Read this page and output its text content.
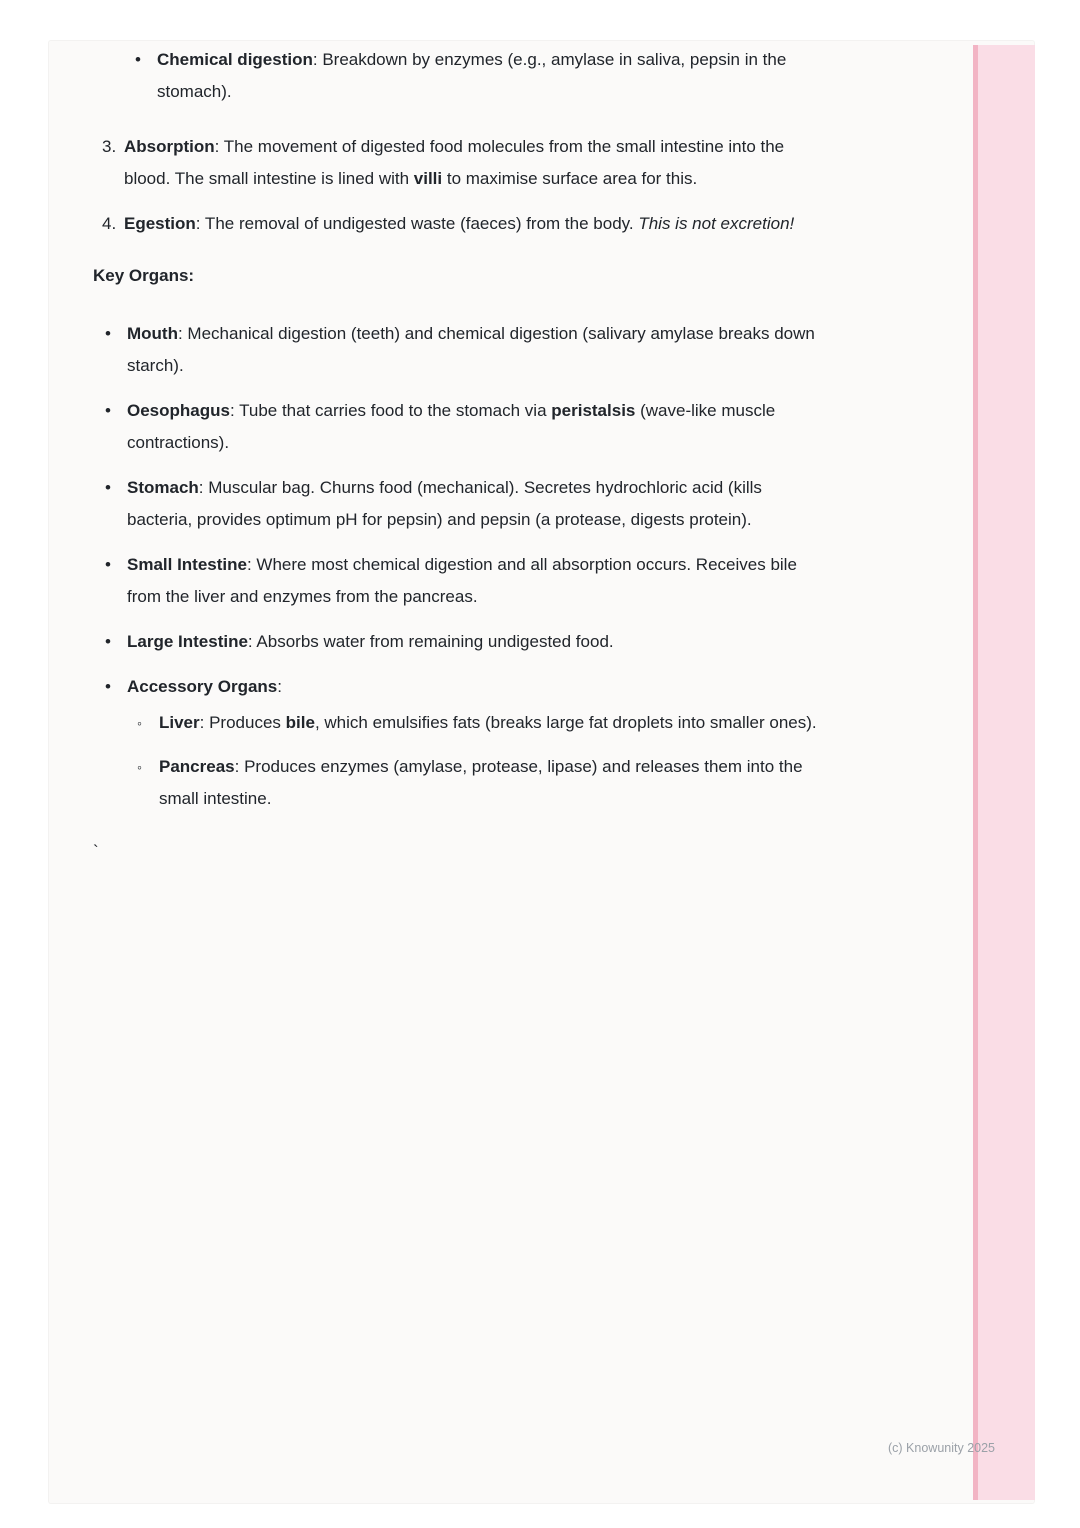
• Chemical digestion: Breakdown by enzymes (e.g., amylase in saliva, pepsin in the stomach).
3. Absorption: The movement of digested food molecules from the small intestine into the blood. The small intestine is lined with villi to maximise surface area for this.
4. Egestion: The removal of undigested waste (faeces) from the body. This is not excretion!
Key Organs:
• Mouth: Mechanical digestion (teeth) and chemical digestion (salivary amylase breaks down starch).
• Oesophagus: Tube that carries food to the stomach via peristalsis (wave-like muscle contractions).
• Stomach: Muscular bag. Churns food (mechanical). Secretes hydrochloric acid (kills bacteria, provides optimum pH for pepsin) and pepsin (a protease, digests protein).
• Small Intestine: Where most chemical digestion and all absorption occurs. Receives bile from the liver and enzymes from the pancreas.
• Large Intestine: Absorbs water from remaining undigested food.
• Accessory Organs:
◦	Liver: Produces bile, which emulsifies fats (breaks large fat droplets into smaller ones).
◦	Pancreas: Produces enzymes (amylase, protease, lipase) and releases them into the small intestine.
`
(c) Knowunity 2025
